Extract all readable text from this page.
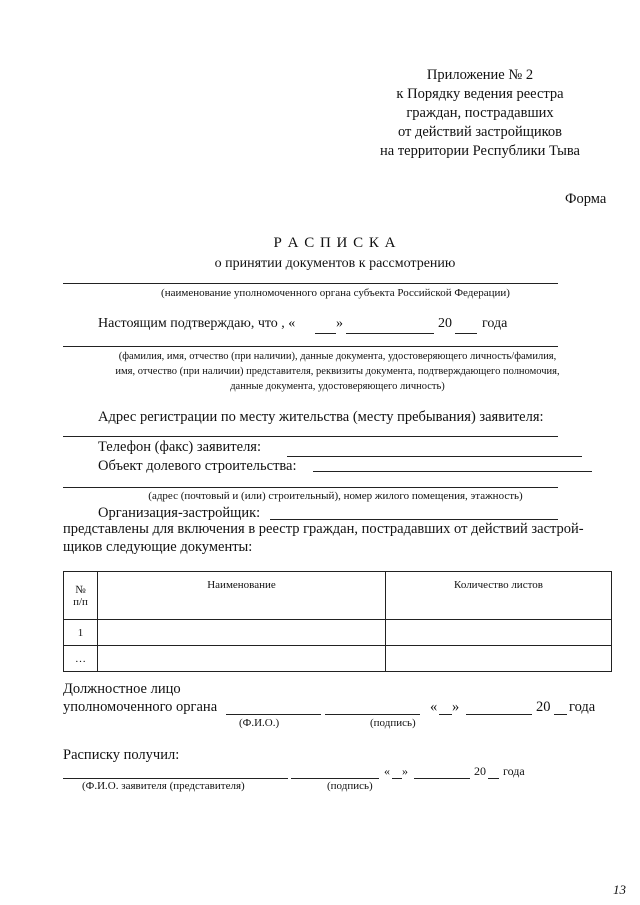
Приложение № 2
к Порядку ведения реестра
граждан, пострадавших
от действий застройщиков
на территории Республики Тыва
Форма
Р А С П И С К А
о принятии документов к рассмотрению
(наименование уполномоченного органа субъекта Российской Федерации)
Настоящим подтверждаю, что , «	»	20 года
(фамилия, имя, отчество (при наличии), данные документа, удостоверяющего личность/фамилия,
имя, отчество (при наличии) представителя, реквизиты документа, подтверждающего полномочия,
данные документа, удостоверяющего личность)
Адрес регистрации по месту жительства (месту пребывания) заявителя:
Телефон (факс) заявителя:
Объект долевого строительства:
(адрес (почтовый и (или) строительный), номер жилого помещения, этажность)
Организация-застройщик:
представлены для включения в реестр граждан, пострадавших от действий застрой-
щиков следующие документы:
№
п/п	Наименование	Количество листов
1		
…		
Должностное лицо
уполномоченного органа	« »	20 года
(Ф.И.О.)	(подпись)
Расписку получил:
« »	20 года
(Ф.И.О. заявителя (представителя)	(подпись)
13
